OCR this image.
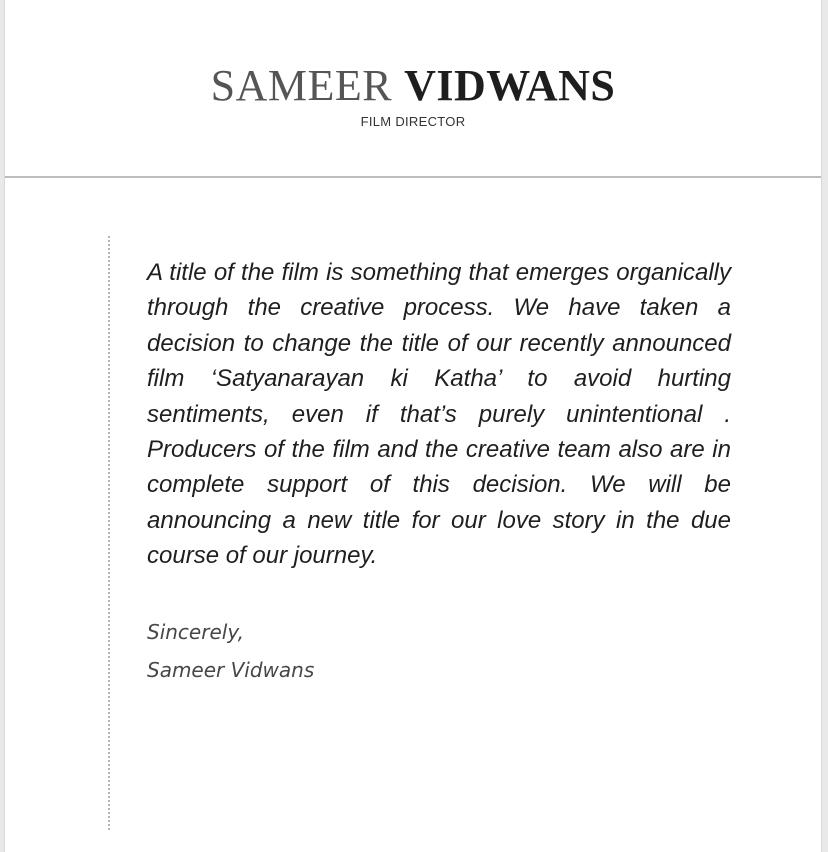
SAMEER VIDWANS
FILM DIRECTOR
A title of the film is something that emerges organically through the creative process. We have taken a decision to change the title of our recently announced film ‘Satyanarayan ki Katha’ to avoid hurting sentiments, even if that’s purely unintentional . Producers of the film and the creative team also are in complete support of this decision. We will be announcing a new title for our love story in the due course of our journey.
Sincerely,
Sameer Vidwans
